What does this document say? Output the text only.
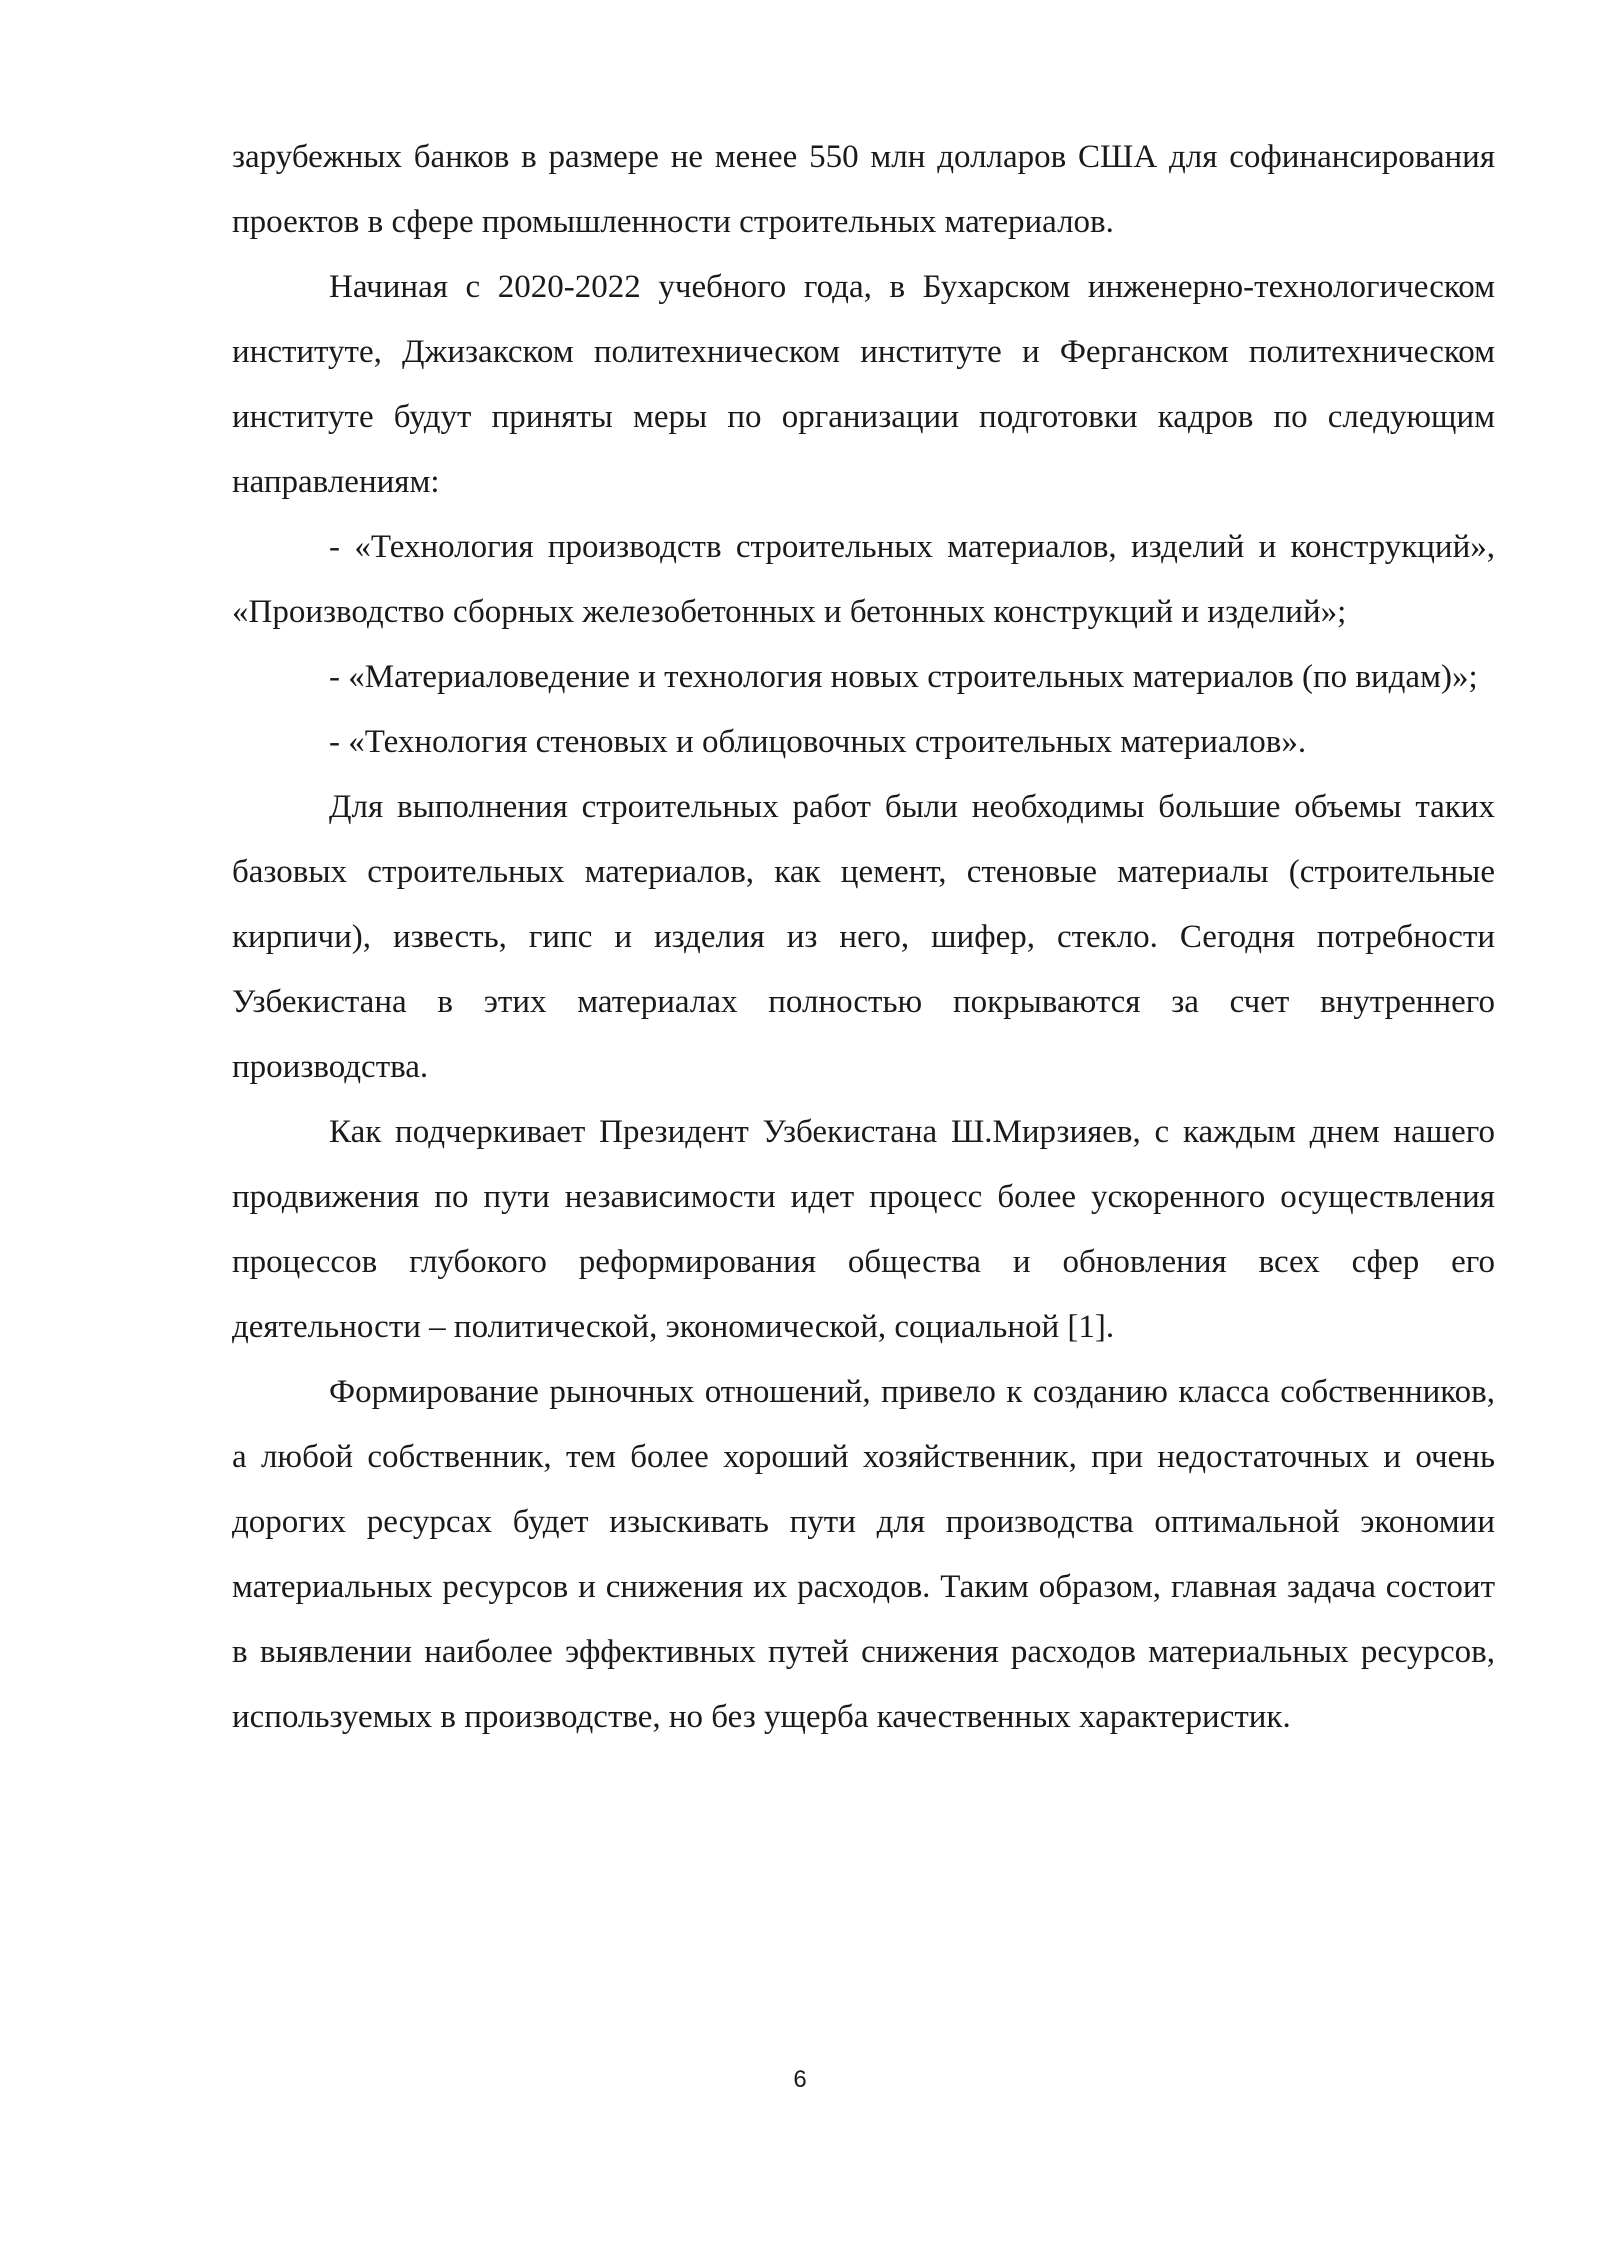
зарубежных банков в размере не менее 550 млн долларов США для софинансирования проектов в сфере промышленности строительных материалов.

Начиная с 2020-2022 учебного года, в Бухарском инженерно-технологическом институте, Джизакском политехническом институте и Ферганском политехническом институте будут приняты меры по организации подготовки кадров по следующим направлениям:

- «Технология производств строительных материалов, изделий и конструкций», «Производство сборных железобетонных и бетонных конструкций и изделий»;

- «Материаловедение и технология новых строительных материалов (по видам)»;

- «Технология стеновых и облицовочных строительных материалов».

Для выполнения строительных работ были необходимы большие объемы таких базовых строительных материалов, как цемент, стеновые материалы (строительные кирпичи), известь, гипс и изделия из него, шифер, стекло. Сегодня потребности Узбекистана в этих материалах полностью покрываются за счет внутреннего производства.

Как подчеркивает Президент Узбекистана Ш.Мирзияев, с каждым днем нашего продвижения по пути независимости идет процесс более ускоренного осуществления процессов глубокого реформирования общества и обновления всех сфер его деятельности – политической, экономической, социальной [1].

Формирование рыночных отношений, привело к созданию класса собственников, а любой собственник, тем более хороший хозяйственник, при недостаточных и очень дорогих ресурсах будет изыскивать пути для производства оптимальной экономии материальных ресурсов и снижения их расходов. Таким образом, главная задача состоит в выявлении наиболее эффективных путей снижения расходов материальных ресурсов, используемых в производстве, но без ущерба качественных характеристик.

6
